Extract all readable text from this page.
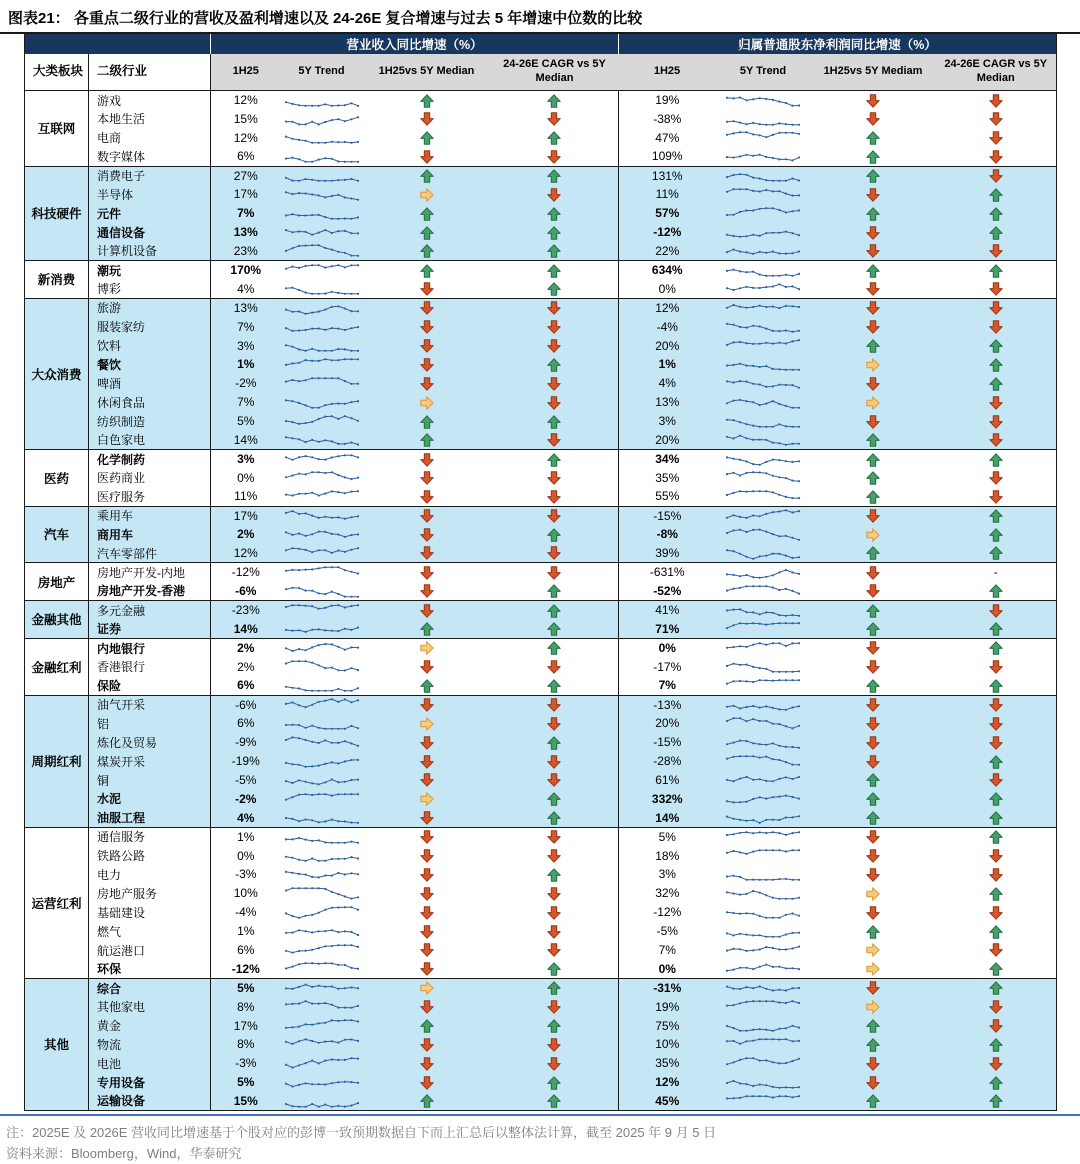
图表21： 各重点二级行业的营收及盈利增速以及 24-26E 复合增速与过去 5 年增速中位数的比较
		营业收入同比增速（%）				归属普通股东净利润同比增速（%）			
大类板块	二级行业	1H25	5Y Trend	1H25vs 5Y Median	24-26E CAGR vs 5Y Median	1H25	5Y Trend	1H25vs 5Y Mediam	24-26E CAGR vs 5Y Median
互联网	游戏	12%				19%			
	本地生活	15%				-38%			
	电商	12%				47%			
	数字媒体	6%				109%			
科技硬件	消费电子	27%				131%			
	半导体	17%				11%			
	元件	7%				57%			
	通信设备	13%				-12%			
	计算机设备	23%				22%			
新消费	潮玩	170%				634%			
	博彩	4%				0%			
大众消费	旅游	13%				12%			
	服装家纺	7%				-4%			
	饮料	3%				20%			
	餐饮	1%				1%			
	啤酒	-2%				4%			
	休闲食品	7%				13%			
	纺织制造	5%				3%			
	白色家电	14%				20%			
医药	化学制药	3%				34%			
	医药商业	0%				35%			
	医疗服务	11%				55%			
汽车	乘用车	17%				-15%			
	商用车	2%				-8%			
	汽车零部件	12%				39%			
房地产	房地产开发-内地	-12%				-631%			-
	房地产开发-香港	-6%				-52%			
金融其他	多元金融	-23%				41%			
	证券	14%				71%			
金融红利	内地银行	2%				0%			
	香港银行	2%				-17%			
	保险	6%				7%			
周期红利	油气开采	-6%				-13%			
	铝	6%				20%			
	炼化及贸易	-9%				-15%			
	煤炭开采	-19%				-28%			
	铜	-5%				61%			
	水泥	-2%				332%			
	油服工程	4%				14%			
运营红利	通信服务	1%				5%			
	铁路公路	0%				18%			
	电力	-3%				3%			
	房地产服务	10%				32%			
	基础建设	-4%				-12%			
	燃气	1%				-5%			
	航运港口	6%				7%			
	环保	-12%				0%			
其他	综合	5%				-31%			
	其他家电	8%				19%			
	黄金	17%				75%			
	物流	8%				10%			
	电池	-3%				35%			
	专用设备	5%				12%			
	运输设备	15%				45%			
注：2025E 及 2026E 营收同比增速基于个股对应的彭博一致预期数据自下而上汇总后以整体法计算，截至 2025 年 9 月 5 日
资料来源：Bloomberg，Wind，华泰研究
